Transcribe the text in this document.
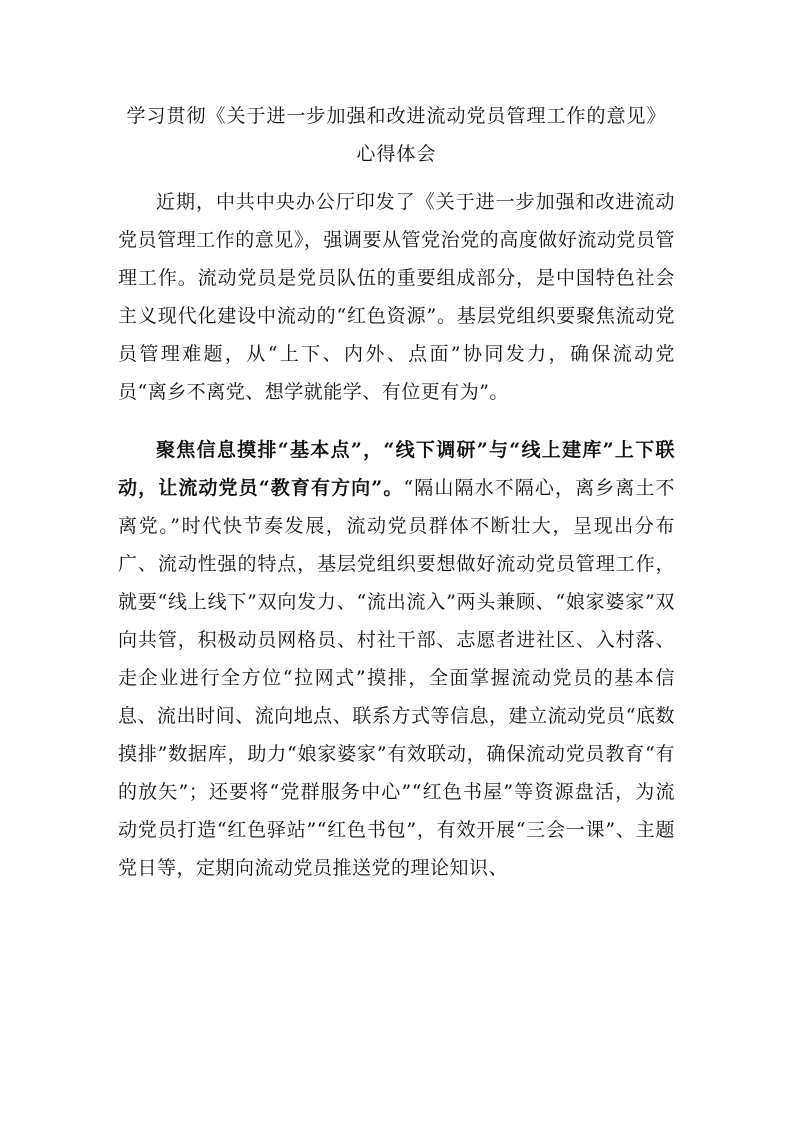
学习贯彻《关于进一步加强和改进流动党员管理工作的意见》
心得体会

近期，中共中央办公厅印发了《关于进一步加强和改进流动党员管理工作的意见》，强调要从管党治党的高度做好流动党员管理工作。流动党员是党员队伍的重要组成部分，是中国特色社会主义现代化建设中流动的“红色资源”。基层党组织要聚焦流动党员管理难题，从“上下、内外、点面”协同发力，确保流动党员“离乡不离党、想学就能学、有位更有为”。

聚焦信息摸排“基本点”，“线下调研”与“线上建库”上下联动，让流动党员“教育有方向”。“隔山隔水不隔心，离乡离土不离党。”时代快节奏发展，流动党员群体不断壮大，呈现出分布广、流动性强的特点，基层党组织要想做好流动党员管理工作，就要“线上线下”双向发力、“流出流入”两头兼顾、“娘家婆家”双向共管，积极动员网格员、村社干部、志愿者进社区、入村落、走企业进行全方位“拉网式”摸排，全面掌握流动党员的基本信息、流出时间、流向地点、联系方式等信息，建立流动党员“底数摸排”数据库，助力“娘家婆家”有效联动，确保流动党员教育“有的放矢”；还要将“党群服务中心”“红色书屋”等资源盘活，为流动党员打造“红色驿站”“红色书包”，有效开展“三会一课”、主题党日等，定期向流动党员推送党的理论知识、
